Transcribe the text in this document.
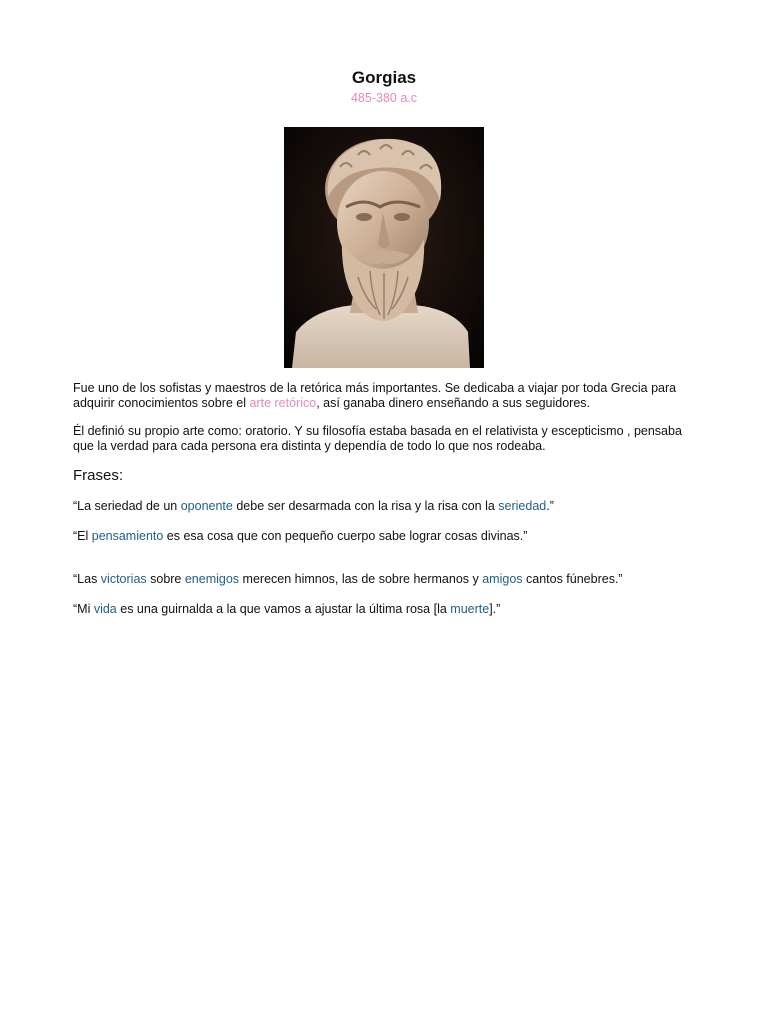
Gorgias
485-380 a.c

Fue uno de los sofistas y maestros de la retórica más importantes. Se dedicaba a viajar por toda Grecia para adquirir conocimientos sobre el arte retórico, así ganaba dinero enseñando a sus seguidores.

Él definió su propio arte como: oratorio. Y su filosofía estaba basada en el relativista y escepticismo , pensaba que la verdad para cada persona era distinta y dependía de todo lo que nos rodeaba.

Frases:

“La seriedad de un oponente debe ser desarmada con la risa y la risa con la seriedad.”

“El pensamiento es esa cosa que con pequeño cuerpo sabe lograr cosas divinas.”

“Las victorias sobre enemigos merecen himnos, las de sobre hermanos y amigos cantos fúnebres.”

“Mi vida es una guirnalda a la que vamos a ajustar la última rosa [la muerte].”
